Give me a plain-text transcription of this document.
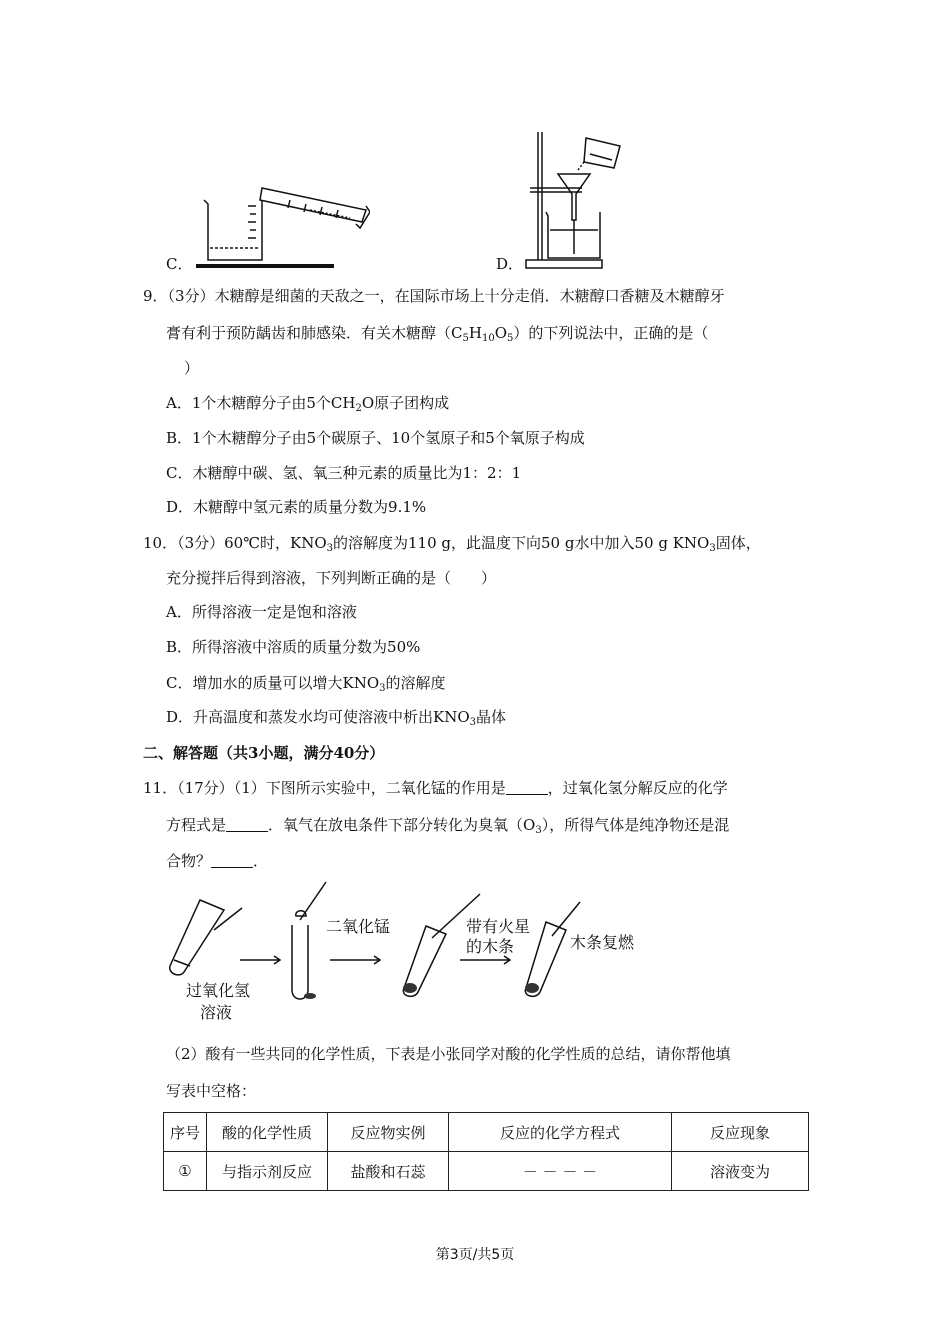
C．	D．
9．（3分）木糖醇是细菌的天敌之一，在国际市场上十分走俏．木糖醇口香糖及木糖醇牙
膏有利于预防龋齿和肺感染．有关木糖醇$(C_5H_{10}O_5)$的下列说法中，正确的是（
）
A．1个木糖醇分子由5个$CH_2O$原子团构成
B．1个木糖醇分子由5个碳原子、10个氢原子和5个氧原子构成
C．木糖醇中碳、氢、氧三种元素的质量比为1：2：1
D．木糖醇中氢元素的质量分数为9.1%
10．（3分）60℃时，$KNO_3$的溶解度为110 g，此温度下向50 g水中加入50 g $KNO_3$固体，
充分搅拌后得到溶液，下列判断正确的是（　　）
A．所得溶液一定是饱和溶液
B．所得溶液中溶质的质量分数为50%
C．增加水的质量可以增大$KNO_3$的溶解度
D．升高温度和蒸发水均可使溶液中析出$KNO_3$晶体
二、解答题（共3小题，满分40分）
11．（17分）（1）下图所示实验中，二氧化锰的作用是	，过氧化氢分解反应的化学
方程式是	．氧气在放电条件下部分转化为臭氧$(O_3)$，所得气体是纯净物还是混
合物？	．
过氧化氢
溶液
二氧化锰	带有火星
的木条	木条复燃
（2）酸有一些共同的化学性质，下表是小张同学对酸的化学性质的总结，请你帮他填
写表中空格：
序号	酸的化学性质	反应物实例	反应的化学方程式	反应现象
①	与指示剂反应	盐酸和石蕊	－ － － －	溶液变为
第3页/共5页
